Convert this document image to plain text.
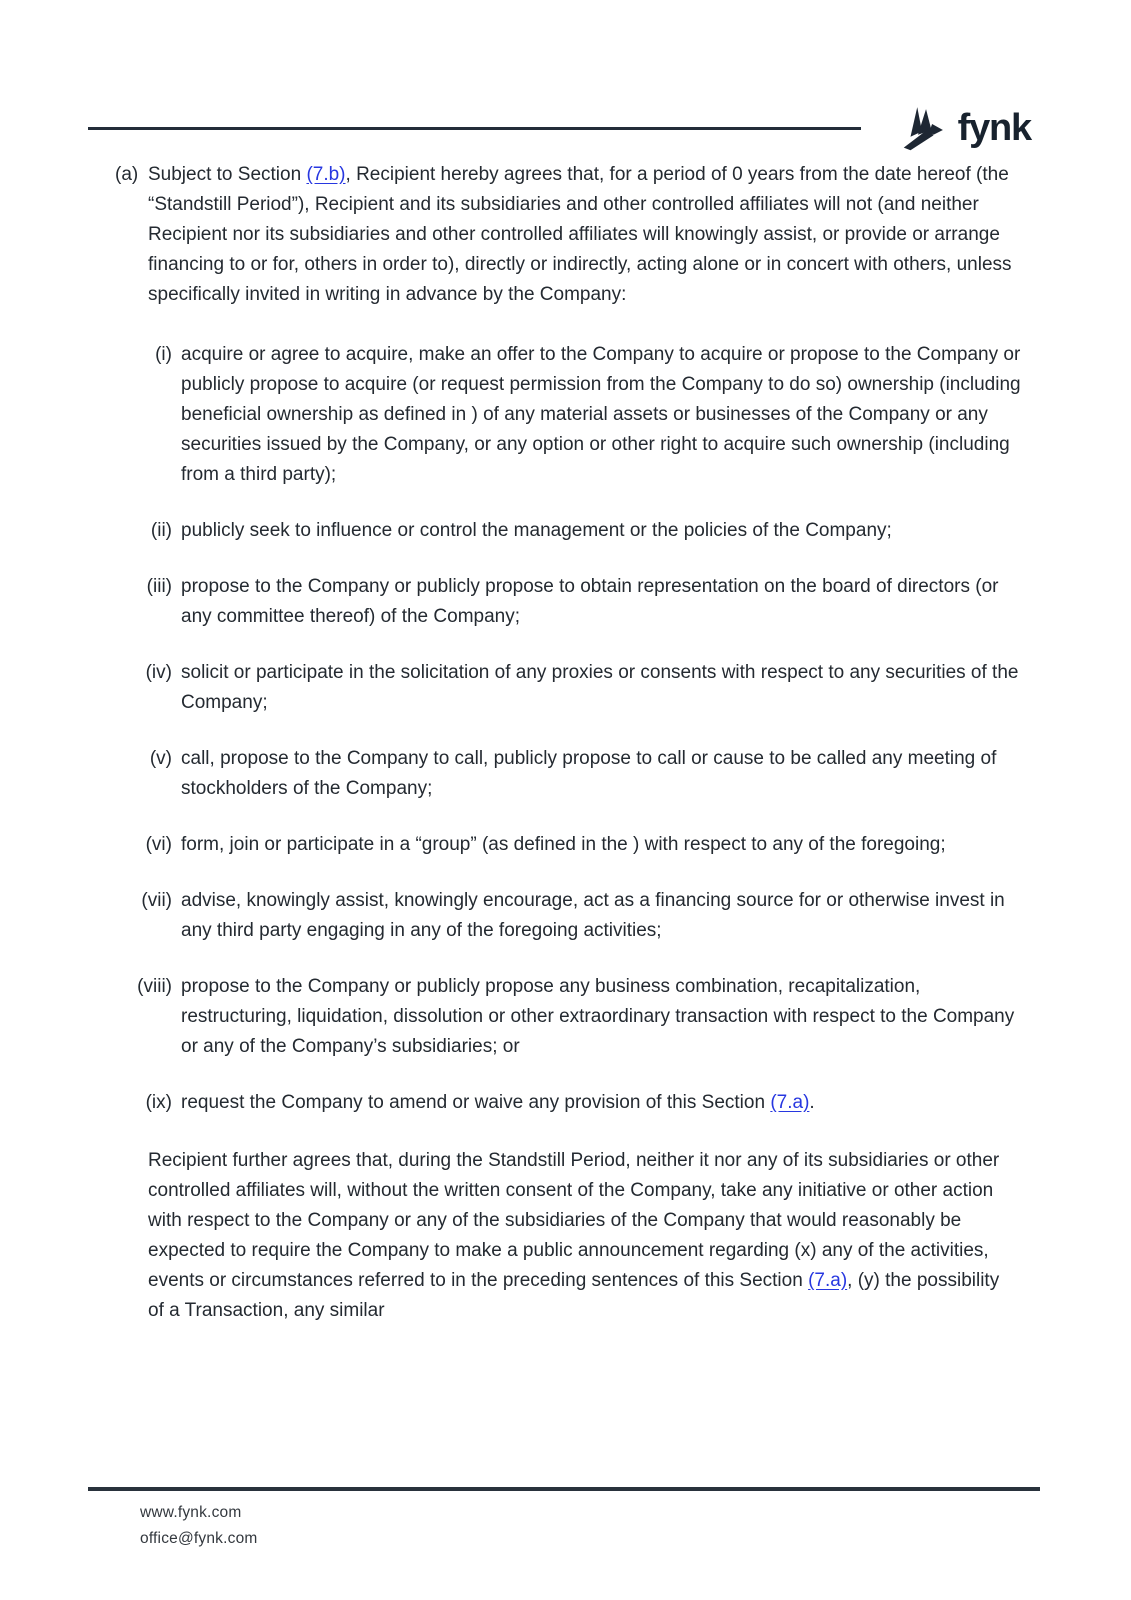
fynk
(a) Subject to Section (7.b), Recipient hereby agrees that, for a period of 0 years from the date hereof (the “Standstill Period”), Recipient and its subsidiaries and other controlled affiliates will not (and neither Recipient nor its subsidiaries and other controlled affiliates will knowingly assist, or provide or arrange financing to or for, others in order to), directly or indirectly, acting alone or in concert with others, unless specifically invited in writing in advance by the Company:
(i) acquire or agree to acquire, make an offer to the Company to acquire or propose to the Company or publicly propose to acquire (or request permission from the Company to do so) ownership (including beneficial ownership as defined in ) of any material assets or businesses of the Company or any securities issued by the Company, or any option or other right to acquire such ownership (including from a third party);
(ii) publicly seek to influence or control the management or the policies of the Company;
(iii) propose to the Company or publicly propose to obtain representation on the board of directors (or any committee thereof) of the Company;
(iv) solicit or participate in the solicitation of any proxies or consents with respect to any securities of the Company;
(v) call, propose to the Company to call, publicly propose to call or cause to be called any meeting of stockholders of the Company;
(vi) form, join or participate in a “group” (as defined in the ) with respect to any of the foregoing;
(vii) advise, knowingly assist, knowingly encourage, act as a financing source for or otherwise invest in any third party engaging in any of the foregoing activities;
(viii) propose to the Company or publicly propose any business combination, recapitalization, restructuring, liquidation, dissolution or other extraordinary transaction with respect to the Company or any of the Company’s subsidiaries; or
(ix) request the Company to amend or waive any provision of this Section (7.a).
Recipient further agrees that, during the Standstill Period, neither it nor any of its subsidiaries or other controlled affiliates will, without the written consent of the Company, take any initiative or other action with respect to the Company or any of the subsidiaries of the Company that would reasonably be expected to require the Company to make a public announcement regarding (x) any of the activities, events or circumstances referred to in the preceding sentences of this Section (7.a), (y) the possibility of a Transaction, any similar
www.fynk.com
office@fynk.com
